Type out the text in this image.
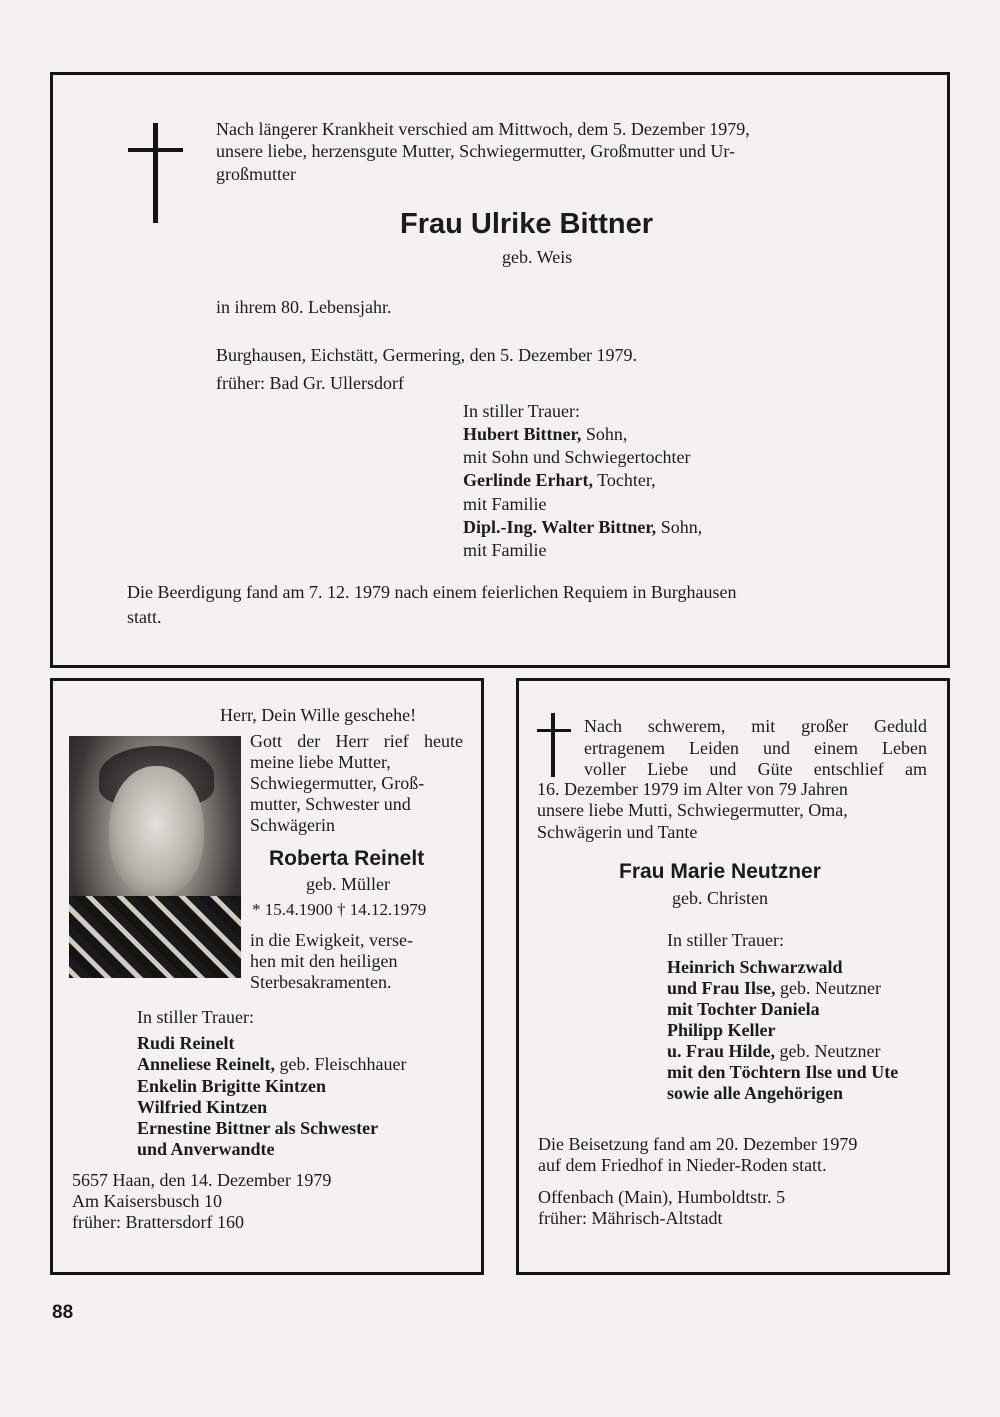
Nach längerer Krankheit verschied am Mittwoch, dem 5. Dezember 1979,
unsere liebe, herzensgute Mutter, Schwiegermutter, Großmutter und Ur-
großmutter
Frau Ulrike Bittner
geb. Weis
in ihrem 80. Lebensjahr.
Burghausen, Eichstätt, Germering, den 5. Dezember 1979.
früher: Bad Gr. Ullersdorf
In stiller Trauer:
Hubert Bittner, Sohn,
mit Sohn und Schwiegertochter
Gerlinde Erhart, Tochter,
mit Familie
Dipl.-Ing. Walter Bittner, Sohn,
mit Familie
Die Beerdigung fand am 7. 12. 1979 nach einem feierlichen Requiem in Burghausen
statt.
Herr, Dein Wille geschehe!
Gott der Herr rief heute
meine liebe Mutter,
Schwiegermutter, Groß-
mutter, Schwester und
Schwägerin
Roberta Reinelt
geb. Müller
* 15.4.1900 † 14.12.1979
in die Ewigkeit, verse-
hen mit den heiligen
Sterbesakramenten.
In stiller Trauer:
Rudi Reinelt
Anneliese Reinelt, geb. Fleischhauer
Enkelin Brigitte Kintzen
Wilfried Kintzen
Ernestine Bittner als Schwester
und Anverwandte
5657 Haan, den 14. Dezember 1979
Am Kaisersbusch 10
früher: Brattersdorf 160
Nach schwerem, mit großer Geduld
ertragenem Leiden und einem Leben
voller Liebe und Güte entschlief am
16. Dezember 1979 im Alter von 79 Jahren
unsere liebe Mutti, Schwiegermutter, Oma,
Schwägerin und Tante
Frau Marie Neutzner
geb. Christen
In stiller Trauer:
Heinrich Schwarzwald
und Frau Ilse, geb. Neutzner
mit Tochter Daniela
Philipp Keller
u. Frau Hilde, geb. Neutzner
mit den Töchtern Ilse und Ute
sowie alle Angehörigen
Die Beisetzung fand am 20. Dezember 1979
auf dem Friedhof in Nieder-Roden statt.
Offenbach (Main), Humboldtstr. 5
früher: Mährisch-Altstadt
88
